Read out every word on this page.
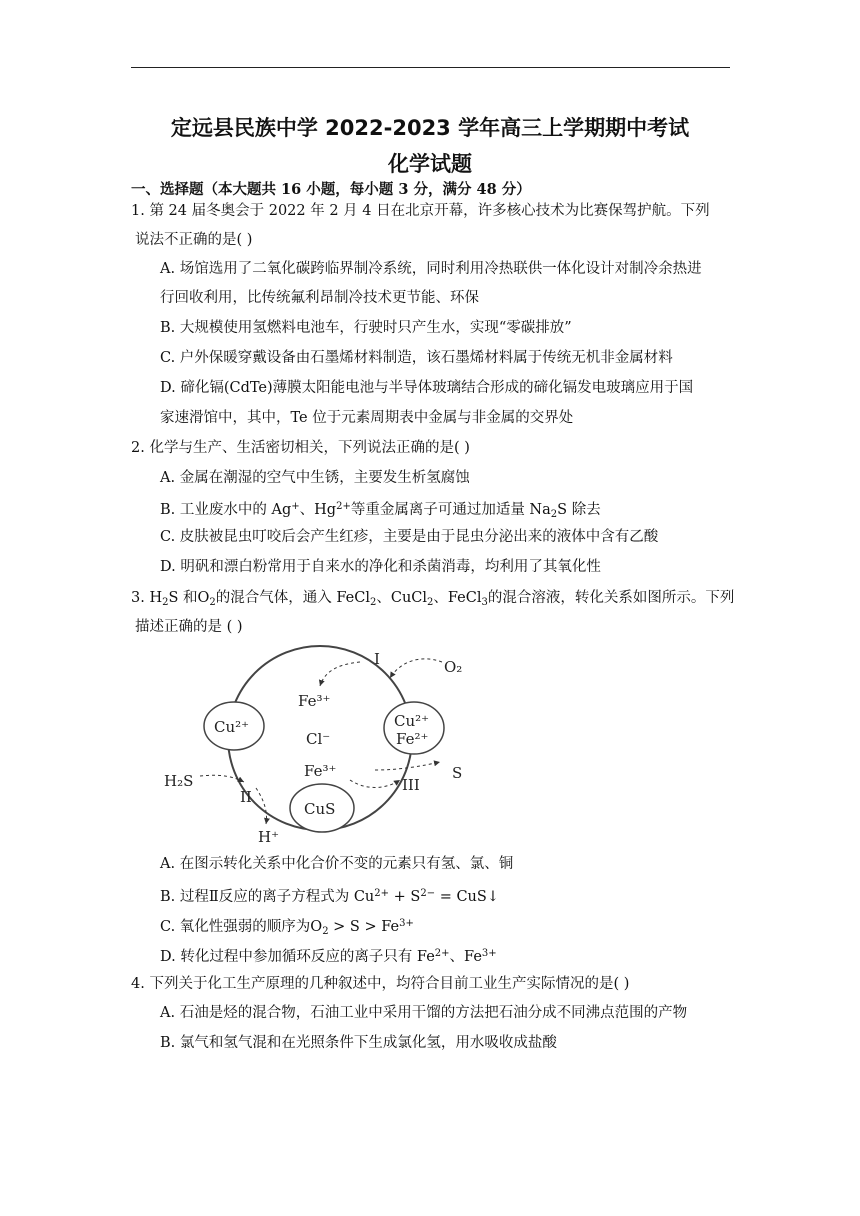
定远县民族中学 2022-2023 学年高三上学期期中考试
化学试题
一、选择题（本大题共 16 小题，每小题 3 分，满分 48 分）
1. 第 24 届冬奥会于 2022 年 2 月 4 日在北京开幕，许多核心技术为比赛保驾护航。下列
说法不正确的是( )
A. 场馆选用了二氧化碳跨临界制冷系统，同时利用冷热联供一体化设计对制冷余热进
行回收利用，比传统氟利昂制冷技术更节能、环保
B. 大规模使用氢燃料电池车，行驶时只产生水，实现“零碳排放”
C. 户外保暖穿戴设备由石墨烯材料制造，该石墨烯材料属于传统无机非金属材料
D. 碲化镉(CdTe)薄膜太阳能电池与半导体玻璃结合形成的碲化镉发电玻璃应用于国
家速滑馆中，其中，Te 位于元素周期表中金属与非金属的交界处
2. 化学与生产、生活密切相关，下列说法正确的是( )
A. 金属在潮湿的空气中生锈，主要发生析氢腐蚀
B. 工业废水中的 Ag+、$Hg^{2+}$等重金属离子可通过加适量 $Na_2S$ 除去
C. 皮肤被昆虫叮咬后会产生红疹，主要是由于昆虫分泌出来的液体中含有乙酸
D. 明矾和漂白粉常用于自来水的净化和杀菌消毒，均利用了其氧化性
3. $H_2S$ 和$O_2$的混合气体，通入 FeCl$_2$、CuCl$_2$、FeCl$_3$的混合溶液，转化关系如图所示。下列
描述正确的是 ( )
I	O₂
Fe³⁺
Cu²⁺
Cl⁻
Cu²⁺
Fe²⁺
H₂S
Fe³⁺	S
II
III
CuS
H⁺
A. 在图示转化关系中化合价不变的元素只有氢、氯、铜
B. 过程Ⅱ反应的离子方程式为 $Cu^{2+} + S^{2-}$ = CuS↓
C. 氧化性强弱的顺序为$O_2 > S > Fe^{3+}$
D. 转化过程中参加循环反应的离子只有 $Fe^{2+}$、$Fe^{3+}$
4. 下列关于化工生产原理的几种叙述中，均符合目前工业生产实际情况的是( )
A. 石油是烃的混合物，石油工业中采用干馏的方法把石油分成不同沸点范围的产物
B. 氯气和氢气混和在光照条件下生成氯化氢，用水吸收成盐酸
